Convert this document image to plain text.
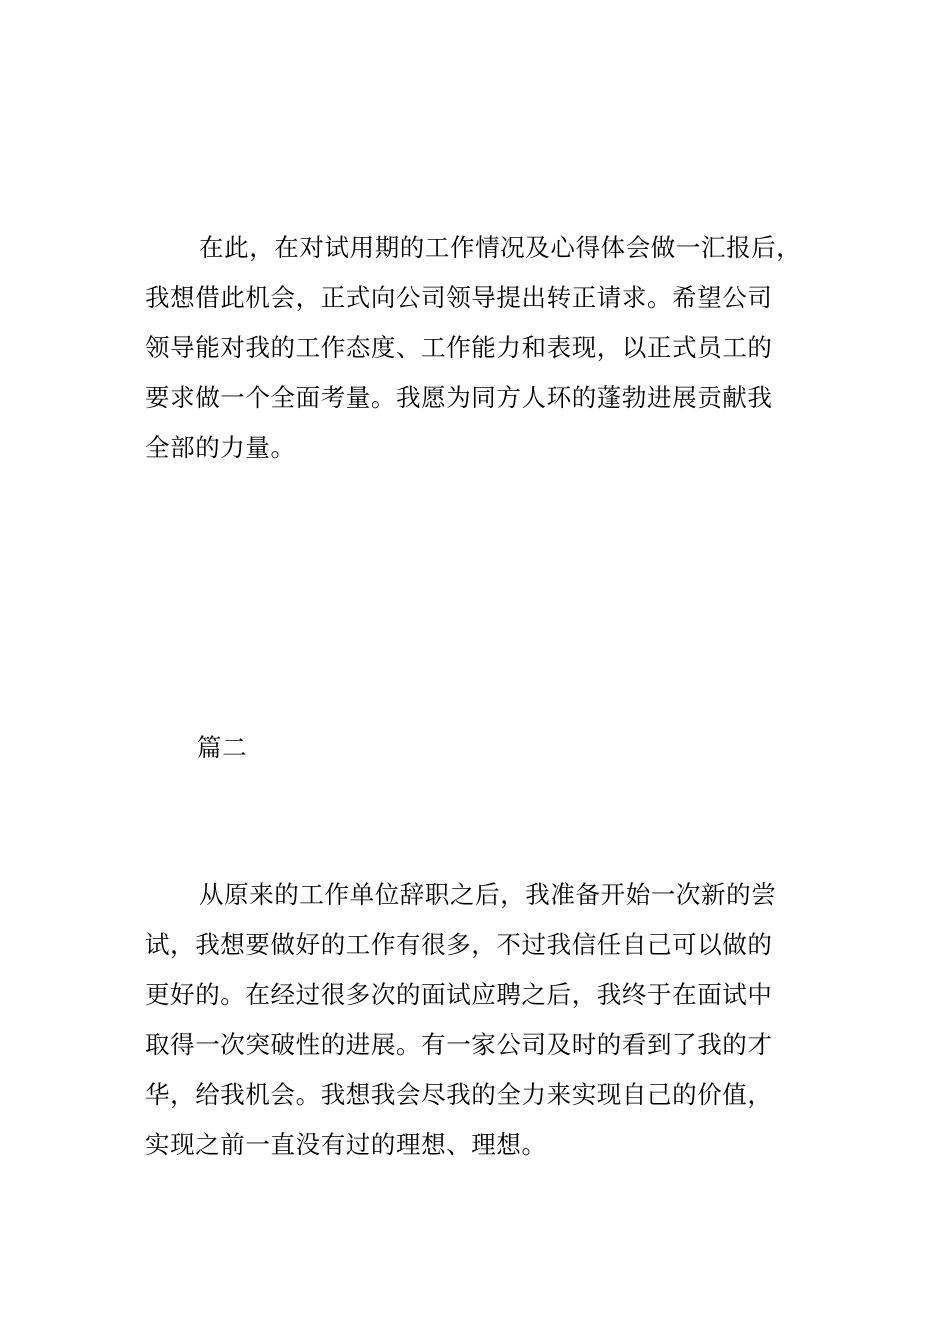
在此，在对试用期的工作情况及心得体会做一汇报后，

我想借此机会，正式向公司领导提出转正请求。希望公司

领导能对我的工作态度、工作能力和表现，以正式员工的

要求做一个全面考量。我愿为同方人环的蓬勃进展贡献我

全部的力量。

篇二

从原来的工作单位辞职之后，我准备开始一次新的尝

试，我想要做好的工作有很多，不过我信任自己可以做的

更好的。在经过很多次的面试应聘之后，我终于在面试中

取得一次突破性的进展。有一家公司及时的看到了我的才

华，给我机会。我想我会尽我的全力来实现自己的价值，

实现之前一直没有过的理想、理想。
